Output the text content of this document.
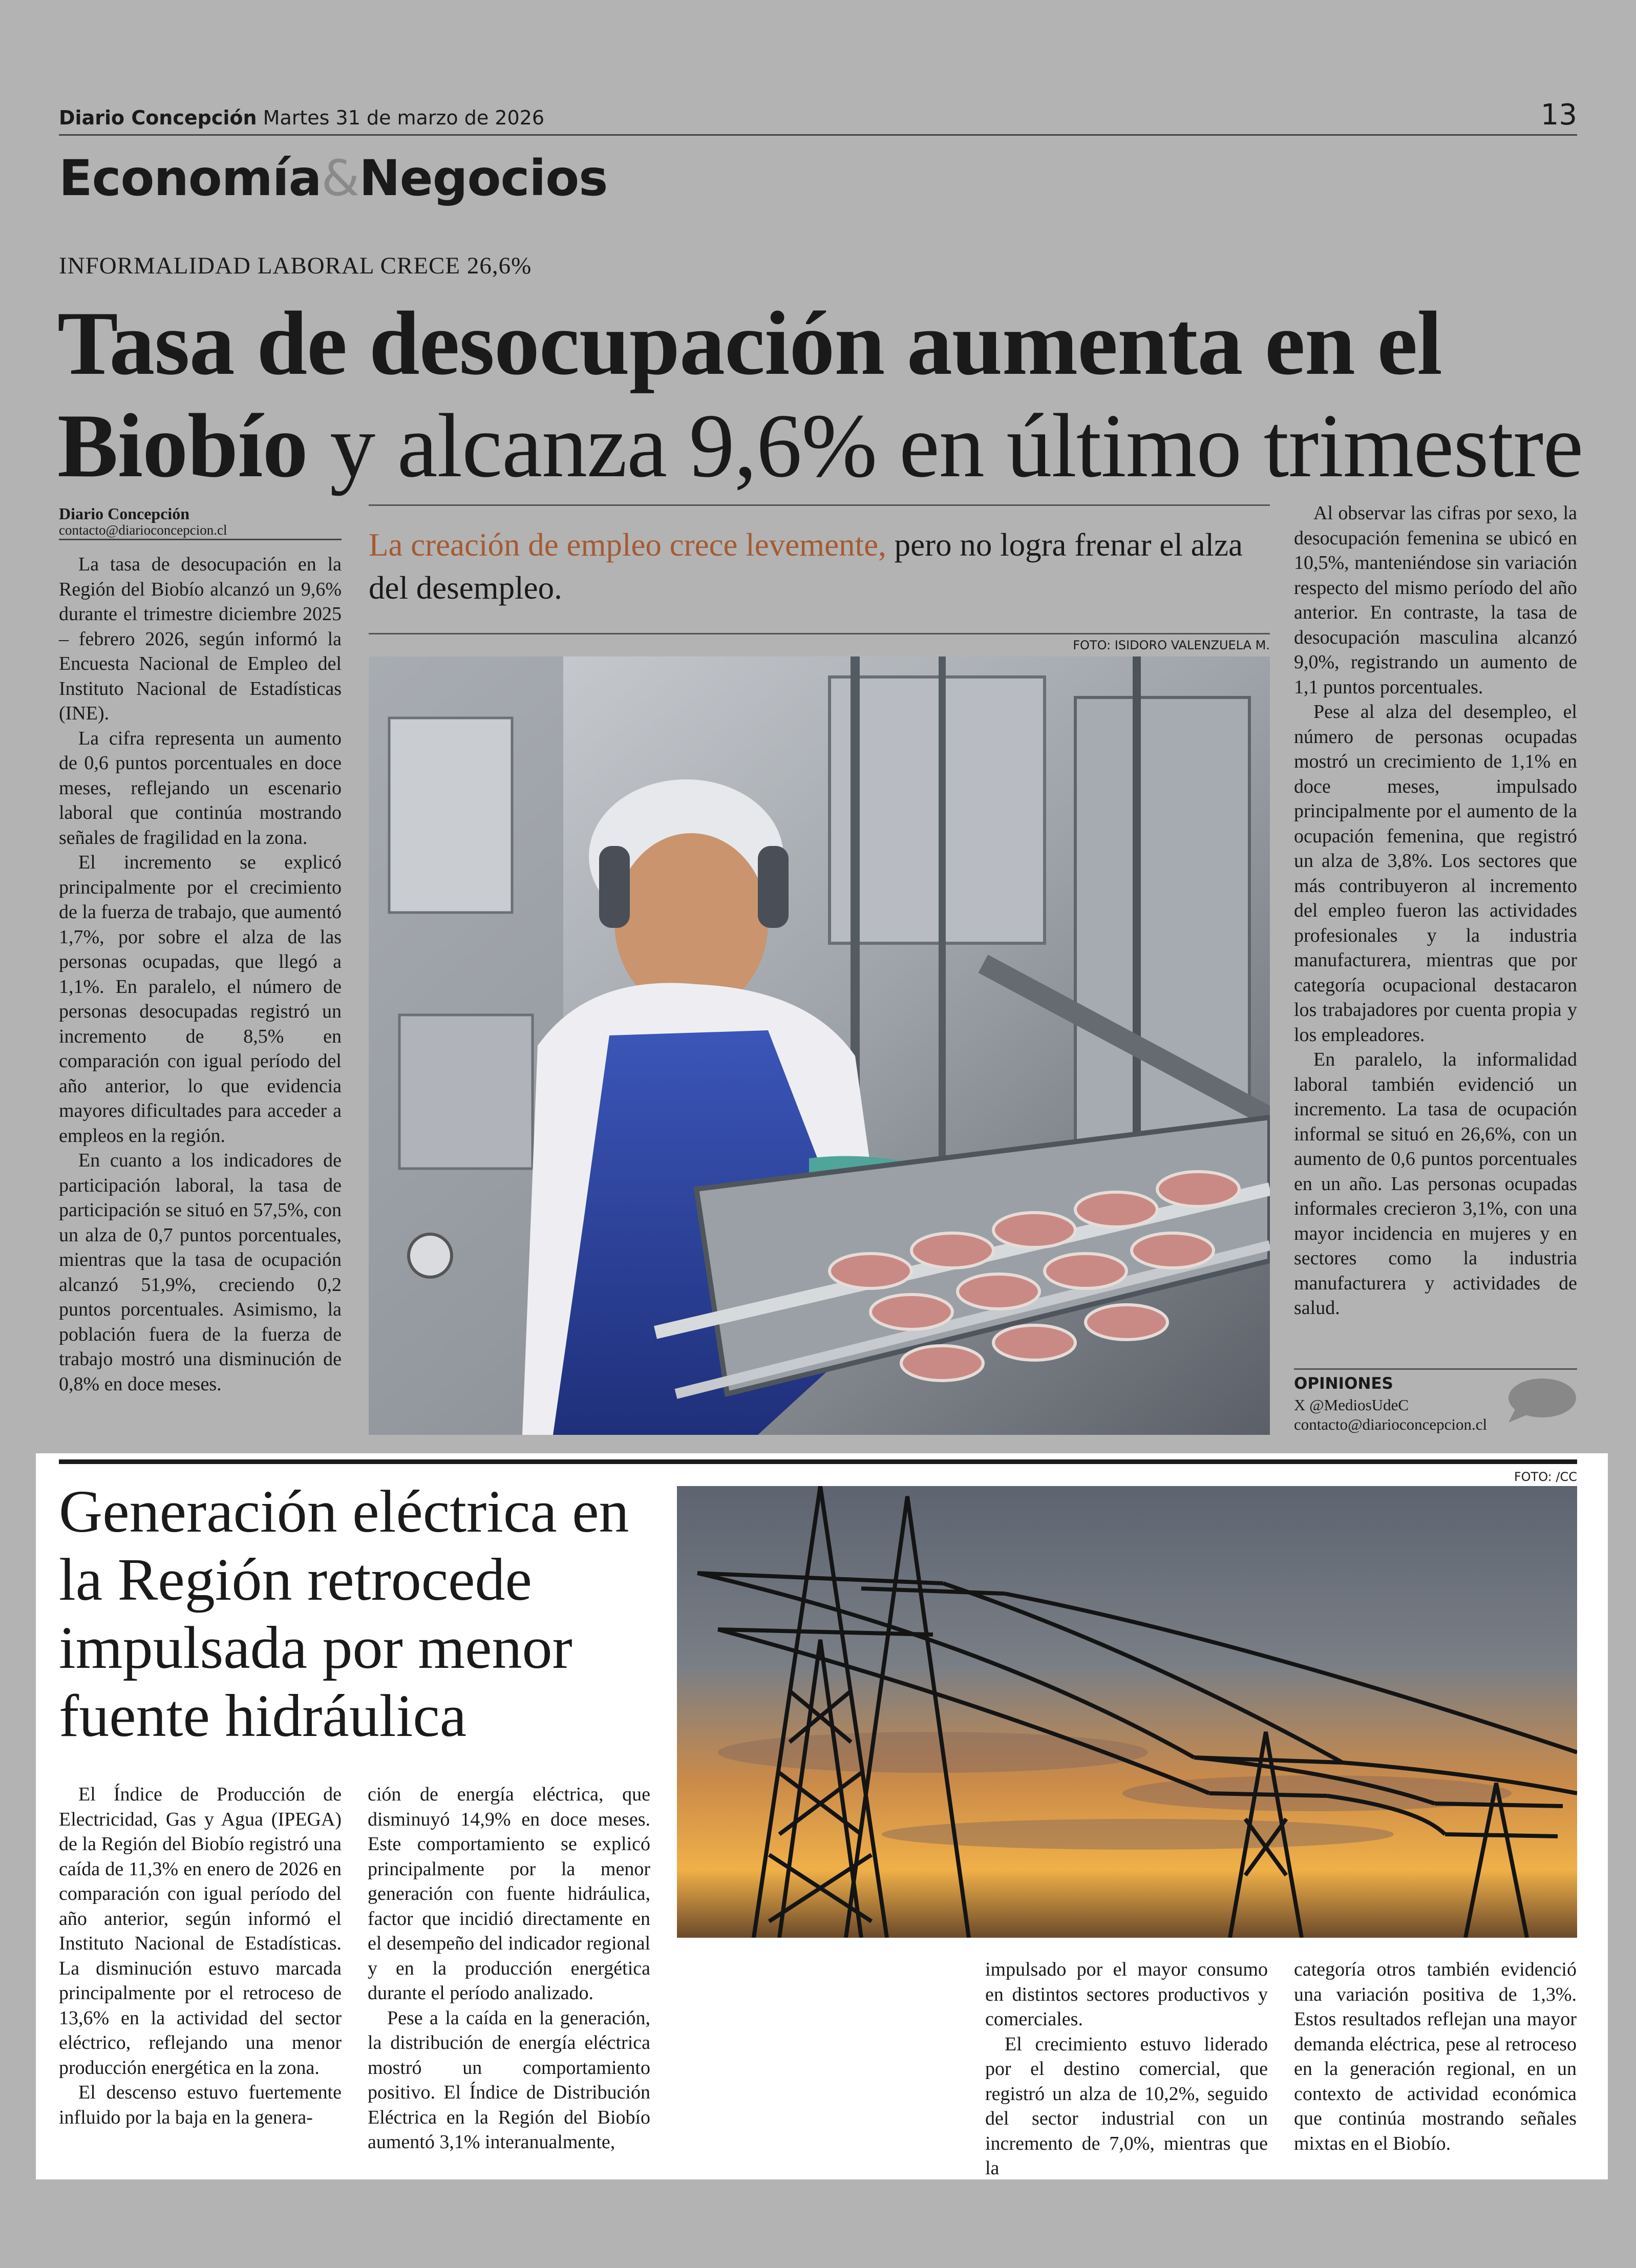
Diario Concepción Martes 31 de marzo de 2026	13
Economía&Negocios
INFORMALIDAD LABORAL CRECE 26,6%
Tasa de desocupación aumenta en el Biobío y alcanza 9,6% en último trimestre
Diario Concepción
contacto@diarioconcepcion.cl

La tasa de desocupación en la Región del Biobío alcanzó un 9,6% durante el trimestre diciembre 2025 – febrero 2026, según informó la Encuesta Nacional de Empleo del Instituto Nacional de Estadísticas (INE).

La cifra representa un aumento de 0,6 puntos porcentuales en doce meses, reflejando un escenario laboral que continúa mostrando señales de fragilidad en la zona.

El incremento se explicó principalmente por el crecimiento de la fuerza de trabajo, que aumentó 1,7%, por sobre el alza de las personas ocupadas, que llegó a 1,1%. En paralelo, el número de personas desocupadas registró un incremento de 8,5% en comparación con igual período del año anterior, lo que evidencia mayores dificultades para acceder a empleos en la región.

En cuanto a los indicadores de participación laboral, la tasa de participación se situó en 57,5%, con un alza de 0,7 puntos porcentuales, mientras que la tasa de ocupación alcanzó 51,9%, creciendo 0,2 puntos porcentuales. Asimismo, la población fuera de la fuerza de trabajo mostró una disminución de 0,8% en doce meses.

La creación de empleo crece levemente, pero no logra frenar el alza del desempleo.
FOTO: ISIDORO VALENZUELA M.

Al observar las cifras por sexo, la desocupación femenina se ubicó en 10,5%, manteniéndose sin variación respecto del mismo período del año anterior. En contraste, la tasa de desocupación masculina alcanzó 9,0%, registrando un aumento de 1,1 puntos porcentuales.

Pese al alza del desempleo, el número de personas ocupadas mostró un crecimiento de 1,1% en doce meses, impulsado principalmente por el aumento de la ocupación femenina, que registró un alza de 3,8%. Los sectores que más contribuyeron al incremento del empleo fueron las actividades profesionales y la industria manufacturera, mientras que por categoría ocupacional destacaron los trabajadores por cuenta propia y los empleadores.

En paralelo, la informalidad laboral también evidenció un incremento. La tasa de ocupación informal se situó en 26,6%, con un aumento de 0,6 puntos porcentuales en un año. Las personas ocupadas informales crecieron 3,1%, con una mayor incidencia en mujeres y en sectores como la industria manufacturera y actividades de salud.

OPINIONES
X @MediosUdeC
contacto@diarioconcepcion.cl
FOTO: /CC
Generación eléctrica en la Región retrocede impulsada por menor fuente hidráulica

El Índice de Producción de Electricidad, Gas y Agua (IPEGA) de la Región del Biobío registró una caída de 11,3% en enero de 2026 en comparación con igual período del año anterior, según informó el Instituto Nacional de Estadísticas. La disminución estuvo marcada principalmente por el retroceso de 13,6% en la actividad del sector eléctrico, reflejando una menor producción energética en la zona.

El descenso estuvo fuertemente influido por la baja en la genera-

ción de energía eléctrica, que disminuyó 14,9% en doce meses. Este comportamiento se explicó principalmente por la menor generación con fuente hidráulica, factor que incidió directamente en el desempeño del indicador regional y en la producción energética durante el período analizado.

Pese a la caída en la generación, la distribución de energía eléctrica mostró un comportamiento positivo. El Índice de Distribución Eléctrica en la Región del Biobío aumentó 3,1% interanualmente,

impulsado por el mayor consumo en distintos sectores productivos y comerciales.

El crecimiento estuvo liderado por el destino comercial, que registró un alza de 10,2%, seguido del sector industrial con un incremento de 7,0%, mientras que la

categoría otros también evidenció una variación positiva de 1,3%. Estos resultados reflejan una mayor demanda eléctrica, pese al retroceso en la generación regional, en un contexto de actividad económica que continúa mostrando señales mixtas en el Biobío.
